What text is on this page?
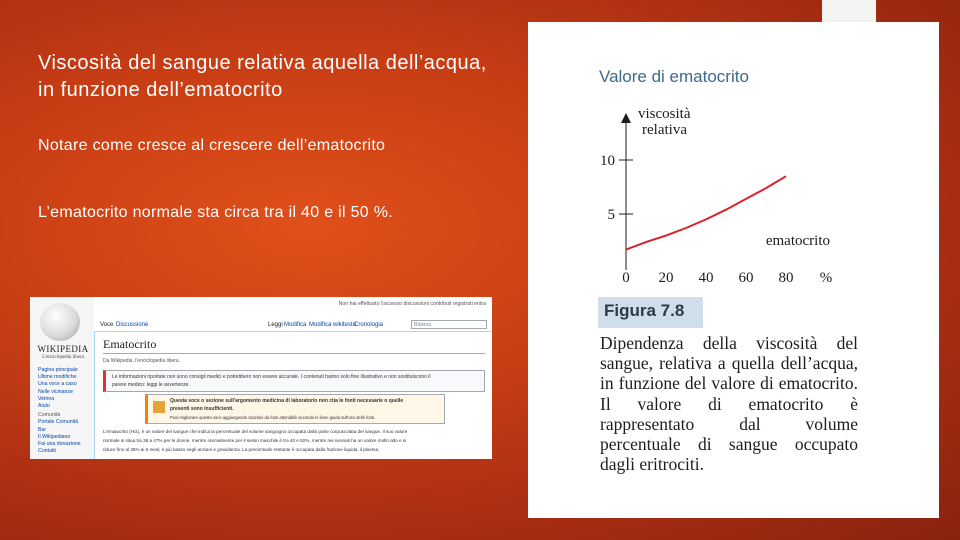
Viscosità del sangue relativa aquella dell’acqua, in funzione dell’ematocrito

Notare come cresce al crescere dell’ematocrito

L’ematocrito normale sta circa tra il 40 e il 50 %.

WIKIPEDIA
L'enciclopedia libera
Pagina principale
Ultime modifiche
Una voce a caso
Nelle vicinanze
Vetrina
Aiuto
Comunità
Portale Comunità
Bar
Il Wikipediano
Fai una donazione
Contatti
Non hai effettuato l'accesso discussioni contributi registrati entra
Voce Discussione	Leggi Modifica Modifica wikitesto
Cronologia	Ricerca
Ematocrito
Da Wikipedia, l'enciclopedia libera.
Le informazioni riportate non sono consigli medici e potrebbero non essere accurate. I contenuti hanno solo fine illustrativo e non sostituiscono il
parere medico: leggi le avvertenze.
Questa voce o sezione sull'argomento medicina di laboratorio non cita le fonti necessarie o quelle
presenti sono insufficienti.
Puoi migliorare questa voce aggiungendo citazioni da fonti attendibili secondo le linee guida sull'uso delle fonti.
L'ematocrito (Hct), è un valore del sangue che indica la percentuale del volume sanguigno occupata dalla parte corpuscolata del sangue. Il suo valore
normale si situa tra 38 a 47% per le donne, mentre normalmente per il sesso maschile è tra 40 e 52%, mentre nei neonati ha un valore molto alto e si
riduce fino al 35% ai 6 mesi; è più basso negli anziani e gravidanza. La percentuale restante è occupata dalla frazione liquida, il plasma.
Valore di ematocrito
viscosità
relativa
ematocrito
5
10
0 20 40 60 80 %
Figura 7.8

Dipendenza della viscosità del sangue, relativa a quella dell’acqua, in funzione del valore di ematocrito. Il valore di ematocrito è rappresentato dal volume percentuale di sangue occupato dagli eritrociti.
